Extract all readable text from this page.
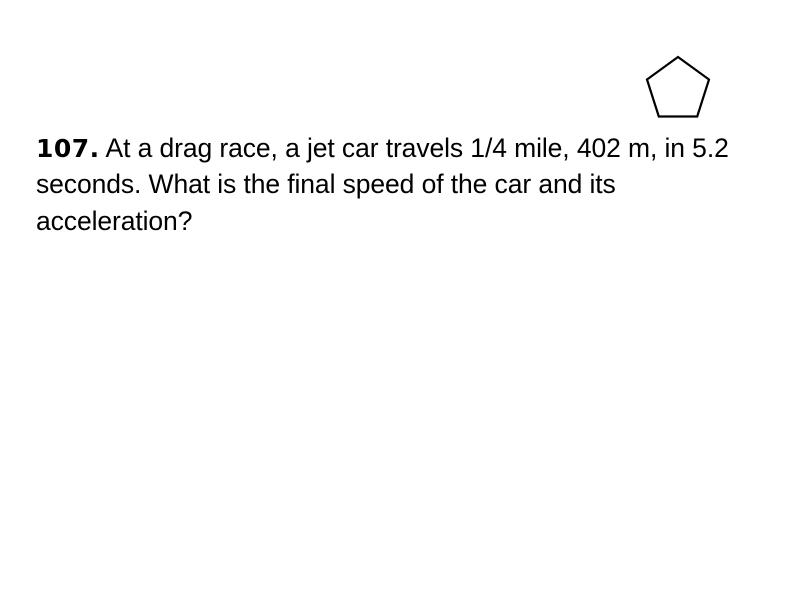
107. At a drag race, a jet car travels 1/4 mile, 402 m, in 5.2 seconds. What is the final speed of the car and its acceleration?
